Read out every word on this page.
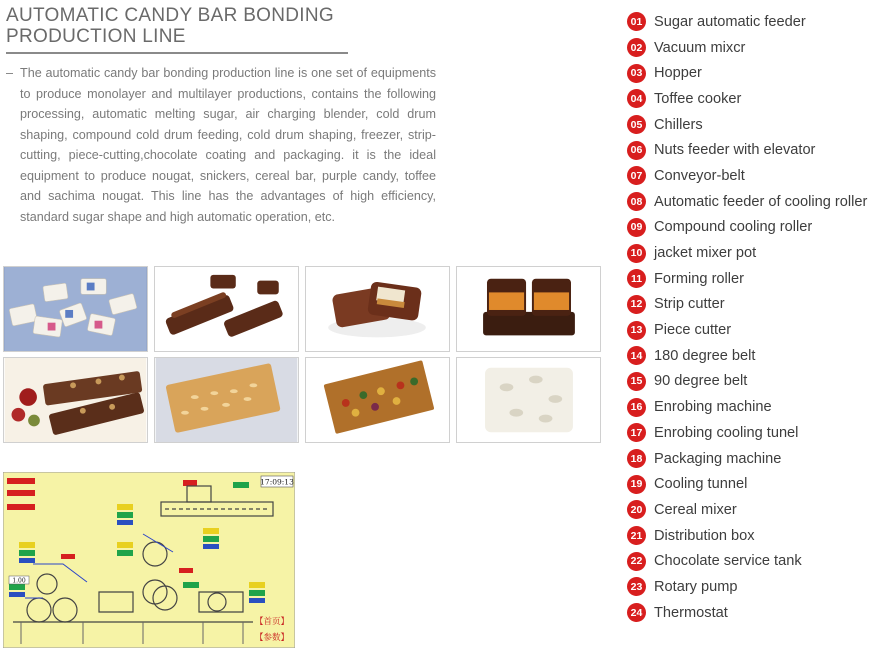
AUTOMATIC CANDY BAR BONDING
PRODUCTION LINE
– The automatic candy bar bonding production line is one set of equipments to produce monolayer and multilayer productions, contains the following processing, automatic melting sugar, air charging blender, cold drum shaping, compound cold drum feeding, cold drum shaping, freezer, strip-cutting, piece-cutting,chocolate coating and packaging. it is the ideal equipment to produce nougat, snickers, cereal bar, purple candy, toffee and sachima nougat. This line has the advantages of high efficiency, standard sugar shape and high automatic operation, etc.

17:09:13
1.00
【首页】
【参数】
01 Sugar automatic feeder
02 Vacuum mixcr
03 Hopper
04 Toffee cooker
05 Chillers
06 Nuts feeder with elevator
07 Conveyor-belt
08 Automatic feeder of cooling roller
09 Compound cooling roller
10 jacket mixer pot
11 Forming roller
12 Strip cutter
13 Piece cutter
14 180 degree belt
15 90 degree belt
16 Enrobing machine
17 Enrobing cooling tunel
18 Packaging machine
19 Cooling tunnel
20 Cereal mixer
21 Distribution box
22 Chocolate service tank
23 Rotary pump
24 Thermostat
